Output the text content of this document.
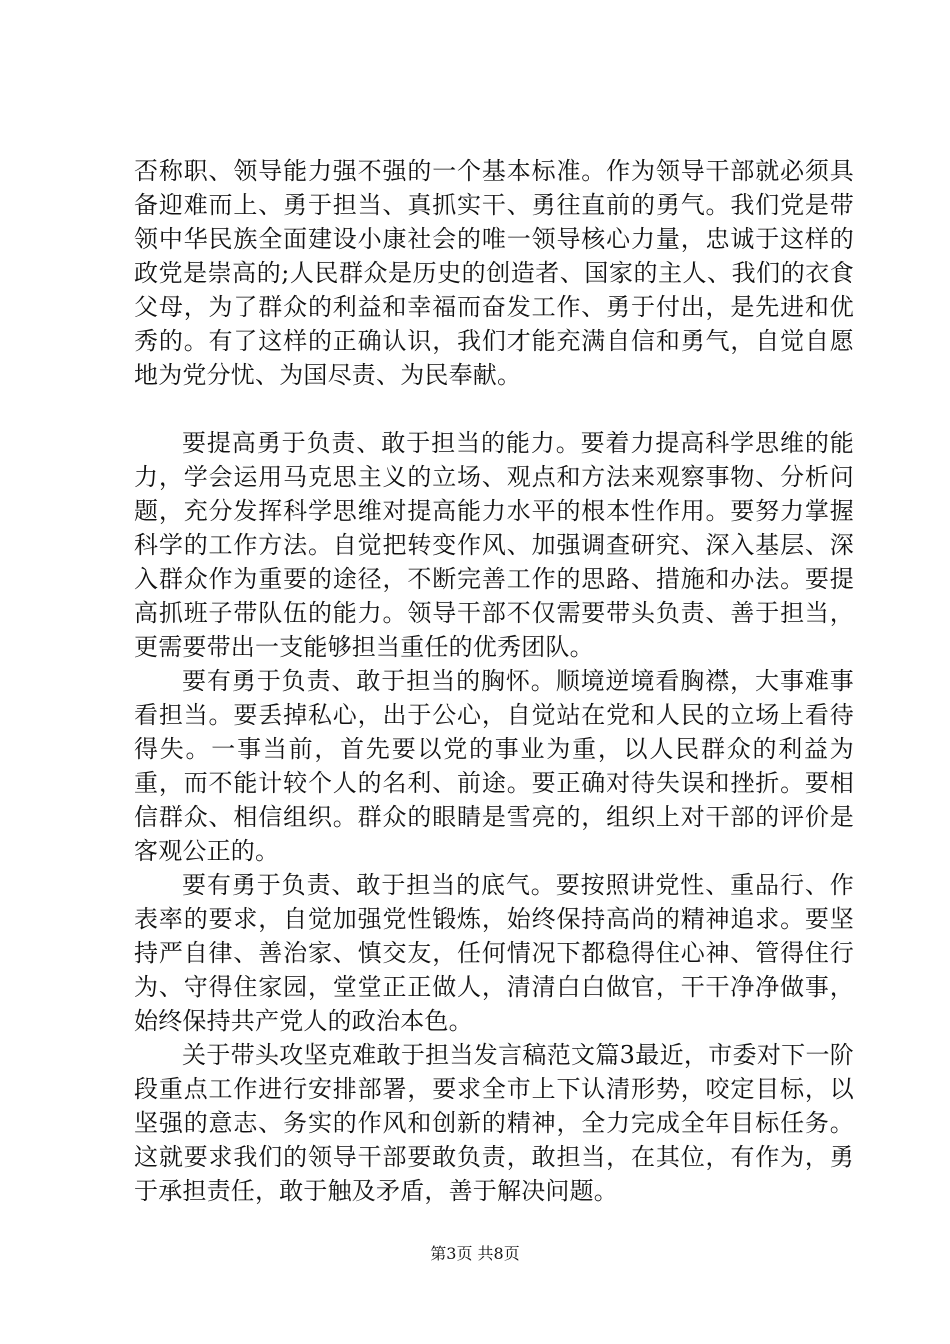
否称职、领导能力强不强的一个基本标准。作为领导干部就必须具备迎难而上、勇于担当、真抓实干、勇往直前的勇气。我们党是带领中华民族全面建设小康社会的唯一领导核心力量，忠诚于这样的政党是崇高的;人民群众是历史的创造者、国家的主人、我们的衣食父母，为了群众的利益和幸福而奋发工作、勇于付出，是先进和优秀的。有了这样的正确认识，我们才能充满自信和勇气，自觉自愿地为党分忧、为国尽责、为民奉献。

要提高勇于负责、敢于担当的能力。要着力提高科学思维的能力，学会运用马克思主义的立场、观点和方法来观察事物、分析问题，充分发挥科学思维对提高能力水平的根本性作用。要努力掌握科学的工作方法。自觉把转变作风、加强调查研究、深入基层、深入群众作为重要的途径，不断完善工作的思路、措施和办法。要提高抓班子带队伍的能力。领导干部不仅需要带头负责、善于担当，更需要带出一支能够担当重任的优秀团队。

要有勇于负责、敢于担当的胸怀。顺境逆境看胸襟，大事难事看担当。要丢掉私心，出于公心，自觉站在党和人民的立场上看待得失。一事当前，首先要以党的事业为重，以人民群众的利益为重，而不能计较个人的名利、前途。要正确对待失误和挫折。要相信群众、相信组织。群众的眼睛是雪亮的，组织上对干部的评价是客观公正的。

要有勇于负责、敢于担当的底气。要按照讲党性、重品行、作表率的要求，自觉加强党性锻炼，始终保持高尚的精神追求。要坚持严自律、善治家、慎交友，任何情况下都稳得住心神、管得住行为、守得住家园，堂堂正正做人，清清白白做官，干干净净做事，始终保持共产党人的政治本色。

关于带头攻坚克难敢于担当发言稿范文篇3最近，市委对下一阶段重点工作进行安排部署，要求全市上下认清形势，咬定目标，以坚强的意志、务实的作风和创新的精神，全力完成全年目标任务。这就要求我们的领导干部要敢负责，敢担当，在其位，有作为，勇于承担责任，敢于触及矛盾，善于解决问题。

第3页 共8页
